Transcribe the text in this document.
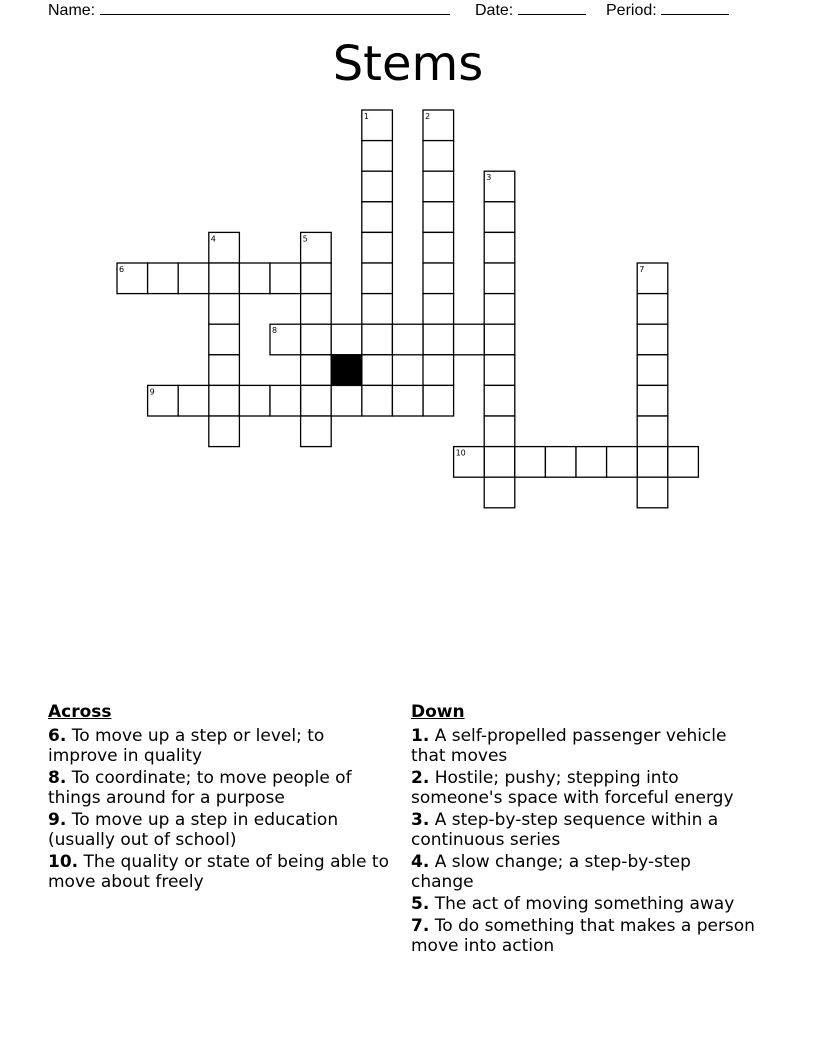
Name:	Date:	Period:
Stems
1	2
3
4	5
6	7
8
9
10
Across
6. To move up a step or level; to improve in quality
8. To coordinate; to move people of things around for a purpose
9. To move up a step in education (usually out of school)
10. The quality or state of being able to move about freely
Down
1. A self-propelled passenger vehicle that moves
2. Hostile; pushy; stepping into someone's space with forceful energy
3. A step-by-step sequence within a continuous series
4. A slow change; a step-by-step change
5. The act of moving something away
7. To do something that makes a person move into action
